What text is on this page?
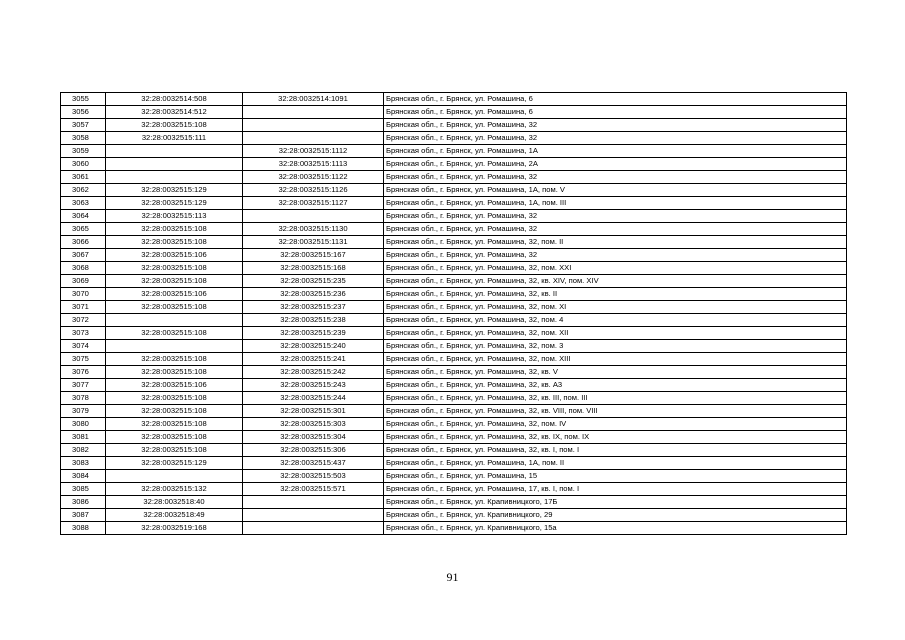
3055	32:28:0032514:508	32:28:0032514:1091	Брянская обл., г. Брянск, ул. Ромашина, 6
3056	32:28:0032514:512		Брянская обл., г. Брянск, ул. Ромашина, 6
3057	32:28:0032515:108		Брянская обл., г. Брянск, ул. Ромашина, 32
3058	32:28:0032515:111		Брянская обл., г. Брянск, ул. Ромашина, 32
3059		32:28:0032515:1112	Брянская обл., г. Брянск, ул. Ромашина, 1А
3060		32:28:0032515:1113	Брянская обл., г. Брянск, ул. Ромашина, 2А
3061		32:28:0032515:1122	Брянская обл., г. Брянск, ул. Ромашина, 32
3062	32:28:0032515:129	32:28:0032515:1126	Брянская обл., г. Брянск, ул. Ромашина, 1А, пом. V
3063	32:28:0032515:129	32:28:0032515:1127	Брянская обл., г. Брянск, ул. Ромашина, 1А, пом. III
3064	32:28:0032515:113		Брянская обл., г. Брянск, ул. Ромашина, 32
3065	32:28:0032515:108	32:28:0032515:1130	Брянская обл., г. Брянск, ул. Ромашина, 32
3066	32:28:0032515:108	32:28:0032515:1131	Брянская обл., г. Брянск, ул. Ромашина, 32, пом. II
3067	32:28:0032515:106	32:28:0032515:167	Брянская обл., г. Брянск, ул. Ромашина, 32
3068	32:28:0032515:108	32:28:0032515:168	Брянская обл., г. Брянск, ул. Ромашина, 32, пом. XXI
3069	32:28:0032515:108	32:28:0032515:235	Брянская обл., г. Брянск, ул. Ромашина, 32, кв. XIV, пом. XIV
3070	32:28:0032515:106	32:28:0032515:236	Брянская обл., г. Брянск, ул. Ромашина, 32, кв. II
3071	32:28:0032515:108	32:28:0032515:237	Брянская обл., г. Брянск, ул. Ромашина, 32, пом. XI
3072		32:28:0032515:238	Брянская обл., г. Брянск, ул. Ромашина, 32, пом. 4
3073	32:28:0032515:108	32:28:0032515:239	Брянская обл., г. Брянск, ул. Ромашина, 32, пом. XII
3074		32:28:0032515:240	Брянская обл., г. Брянск, ул. Ромашина, 32, пом. 3
3075	32:28:0032515:108	32:28:0032515:241	Брянская обл., г. Брянск, ул. Ромашина, 32, пом. XIII
3076	32:28:0032515:108	32:28:0032515:242	Брянская обл., г. Брянск, ул. Ромашина, 32, кв. V
3077	32:28:0032515:106	32:28:0032515:243	Брянская обл., г. Брянск, ул. Ромашина, 32, кв. А3
3078	32:28:0032515:108	32:28:0032515:244	Брянская обл., г. Брянск, ул. Ромашина, 32, кв. III, пом. III
3079	32:28:0032515:108	32:28:0032515:301	Брянская обл., г. Брянск, ул. Ромашина, 32, кв. VIII, пом. VIII
3080	32:28:0032515:108	32:28:0032515:303	Брянская обл., г. Брянск, ул. Ромашина, 32, пом. IV
3081	32:28:0032515:108	32:28:0032515:304	Брянская обл., г. Брянск, ул. Ромашина, 32, кв. IX, пом. IX
3082	32:28:0032515:108	32:28:0032515:306	Брянская обл., г. Брянск, ул. Ромашина, 32, кв. I, пом. I
3083	32:28:0032515:129	32:28:0032515:437	Брянская обл., г. Брянск, ул. Ромашина, 1А, пом. II
3084		32:28:0032515:503	Брянская обл., г. Брянск, ул. Ромашина, 15
3085	32:28:0032515:132	32:28:0032515:571	Брянская обл., г. Брянск, ул. Ромашина, 17, кв. I, пом. I
3086	32:28:0032518:40		Брянская обл., г. Брянск, ул. Крапивницкого, 17Б
3087	32:28:0032518:49		Брянская обл., г. Брянск, ул. Крапивницкого, 29
3088	32:28:0032519:168		Брянская обл., г. Брянск, ул. Крапивницкого, 15а
91
